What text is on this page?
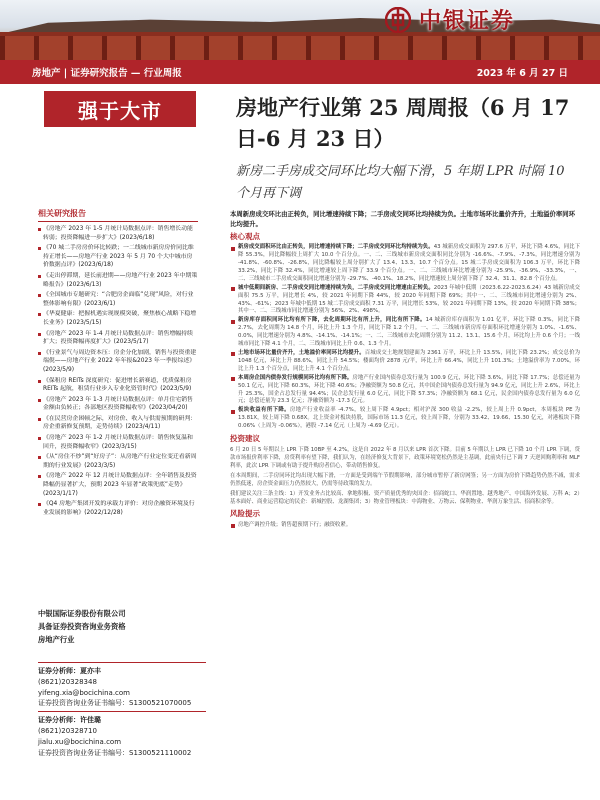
中银证券
房地产 | 证券研究报告 — 行业周报	2023 年 6 月 27 日
强于大市	房地产行业第 25 周周报（6 月 17 日-6 月 23 日）
新房二手房成交同环比均大幅下滑，5 年期 LPR 时隔 10 个月再下调
相关研究报告
《房地产 2023 年 1-5 月统计局数据点评：销售增长动能转弱；投资降幅进一步扩大》(2023/6/18)
《70 城二手房房价环比转跌；一二线城市新房房价同比维持正增长——房地产行业 2023 年 5 月 70 个大中城市房价数据点评》(2023/6/18)
《走出停滞期，延长前进期——房地产行业 2023 年中期策略报告》(2023/6/13)
《全国城市专题研究：“合肥房企面临”兑现”风险，对行业整体影响有限》(2023/6/1)
《华夏健康：把握机遇实现规模突破，聚焦核心战略下稳增长业务》(2023/5/15)
《房地产 2023 年 1-4 月统计局数据点评：销售增幅持续扩大；投资降幅再度扩大》(2023/5/17)
《行业景气与周边资本压：房企分化加剧，销售与投资重建端倪——房地产行业 2022 年年报&2023 年一季报综述》(2023/5/9)
《保租房 REITs 深度研究：促进增长新赛道，优质保租房 REITs 起航，租赁行业步入专业化资管时代》(2023/5/9)
《房地产 2023 年 1-3 月统计局数据点评：单月住宅销售金额由负转正；各部地区投资降幅收窄》(2023/04/20)
《在民营房企困顿之际，对房价、收入与供需预期的研判：房企重新修复预期，走势待续》(2023/4/11)
《房地产 2023 年 1-2 月统计局数据点评：销售恢复温和回升，投资降幅收窄》(2023/3/15)
《从“房住不炒”到“好房子”：从房地产行业定位变迁看新周期的行业发展》(2023/3/5)
《房地产 2022 年 12 月统计局数据点评：全年销售及投资降幅仍显著扩大，预期 2023 年显著“政策兜底”走势》(2023/1/17)
《Q4 房地产集团开发的承载力评价：对房企融资环境及行业发展的影响》(2022/12/28)
中银国际证券股份有限公司
具备证券投资咨询业务资格
房地产行业
证券分析师：夏亦丰
(8621)20328348
yifeng.xia@bocichina.com
证券投资咨询业务证书编号：S1300521070005
证券分析师：许佳璐
(8621)20328710
jialu.xu@bocichina.com
证券投资咨询业务证书编号：S1300521110002
本周新房成交环比由正转负，同比增速持续下降；二手房成交同环比均持续为负。土地市场环比量价齐升，土地溢价率同环比均提升。
核心观点
新房成交面积环比由正转负，同比增速持续下降；二手房成交同环比均持续为负。43 城新房成交面积为 297.6 万平，环比下降 4.6%，同比下降 55.3%，同比降幅较上周扩大 10.0 个百分点。一、二、三线城市新房成交面积同比分别为 -16.6%、-7.9%、-7.3%，同比增速分别为 -41.8%、-60.8%、-26.8%，同比降幅较上周分别扩大了 13.4、13.3、10.7 个百分点。15 城二手房成交面积为 106.3 万平，环比下降 33.2%，同比下降 32.4%，同比增速较上周下降了 33.9 个百分点。一、二、三线城市环比增速分别为 -25.9%、-36.9%、-33.3%，一、二、三线城市二手房成交面积同比增速分别为 -29.7%、-40.1%、18.2%，同比增速较上周分别下降了 32.4、31.1、82.8 个百分点。
城中低期间新房、二手房成交同比增速持续为负，二手房成交同比增速由正转负。2023 年城中低期（2023.6.22-2023.6.24）43 城新房成交面积 75.5 万平，同比增长 4%，较 2021 年同期下降 44%，较 2020 年同期下降 69%；其中一、二、三线城市同比增速分别为 2%、43%、-61%；2023 年城中低期 15 城二手房成交面积 7.31 万平，同比增长 53%，较 2021 年同期下降 13%，较 2020 年同期下降 38%；其中一、二、三线城市同比增速分别为 56%、2%、498%。
新房库存面积同环比均有所下降，去化周期环比有所上升，同比有所下降。14 城新房库存面积为 1.01 亿平，环比下降 0.3%，同比下降 2.7%，去化周期为 14.8 个月，环比上升 1.3 个月，同比下降 1.2 个月。一、二、三线城市新房库存面积环比增速分别为 1.0%、-1.6%、0.0%，同比增速分别为 4.8%、-14.1%、-14.1%；一、二、三线城市去化周期分别为 11.2、13.1、15.6 个月，环比均上升 0.6 个月；一线城市同比下降 4.1 个月，二、三线城市同比上升 0.6、1.3 个月。
土地市场环比量价齐升，土地溢价率同环比均提升。百城成交土地规划建面为 2361 万平，环比上升 13.5%，同比下降 23.2%；成交总价为 1048 亿元，环比上升 88.6%，同比上升 54.5%；楼面均价 2878 元/平，环比上升 66.4%，同比上升 101.3%；土地溢价率为 7.00%，环比上升 1.3 个百分点，同比上升 4.1 个百分点。
本周房企国内债券发行规模同环比均有所下降。房地产行业国内债券总发行量为 100.9 亿元，环比下降 3.6%，同比下降 17.7%；总偿还量为 50.1 亿元，同比下降 60.3%，环比下降 40.6%；净融资额为 50.8 亿元，其中国企国内债券总发行量为 94.9 亿元，同比上升 2.6%，环比上升 25.3%，国企占总发行量 94.4%；民企总发行量 6.0 亿元，同比下降 57.3%；净融资额为 68.1 亿元，民企国内债券总发行量为 6.0 亿元；总偿还量为 23.3 亿元；净融资额为 -17.3 亿元。
板块收益有所下降。房地产行业收益率 -4.7%，较上周下降 4.9pct；相对沪深 300 收益 -2.2%，较上周上升 0.9pct，本周板块 PE 为 13.81X，较上周下降 0.68X。北上资金对板块持股，国际市场 11.3 亿元，较上周下降，分别为 33.42、19.66、15.30 亿元，对港板块下降 0.06%（上周为 -0.06%），港股 -7.14 亿元（上周为 -4.69 亿元）。
投资建议
6 月 20 日 5 年期以上 LPR 下降 10BP 至 4.2%，这是自 2022 年 8 月以来 LPR 首次下降。目前 5 年期以上 LPR 已下降 10 个月 LPR 下调，贷款市场报价利率下降，房贷利率有望下降，我们认为，在经济修复大背景下，政策环境宽松仍然是主基调，此前央行已下调 7 天逆回购利率和 MLF 利率，此次 LPR 下调或有助于提升购房者信心，带动销售修复。
在本周期间，二手房同环比均出现大幅下滑，一方面是受到端午节假期影响，部分城市暂停了新房网签；另一方面为房价下降趋势仍然不减，需求仍然低迷，房企资金面压力仍然较大，仍需等待政策的发力。
我们建议关注三条主线：1）开发业务占比较高、拿地积极、资产质量优秀的央国企：招商蛇口、华润置地、越秀地产、中国海外发展、万科 A；2）基本面好、商业运营稳定的民企：新城控股、龙湖集团；3）物业管理板块：中海物业、万物云、保利物业、华润万象生活、招商积余等。
风险提示
房地产调控升级；销售超预期下行；融资收紧。
